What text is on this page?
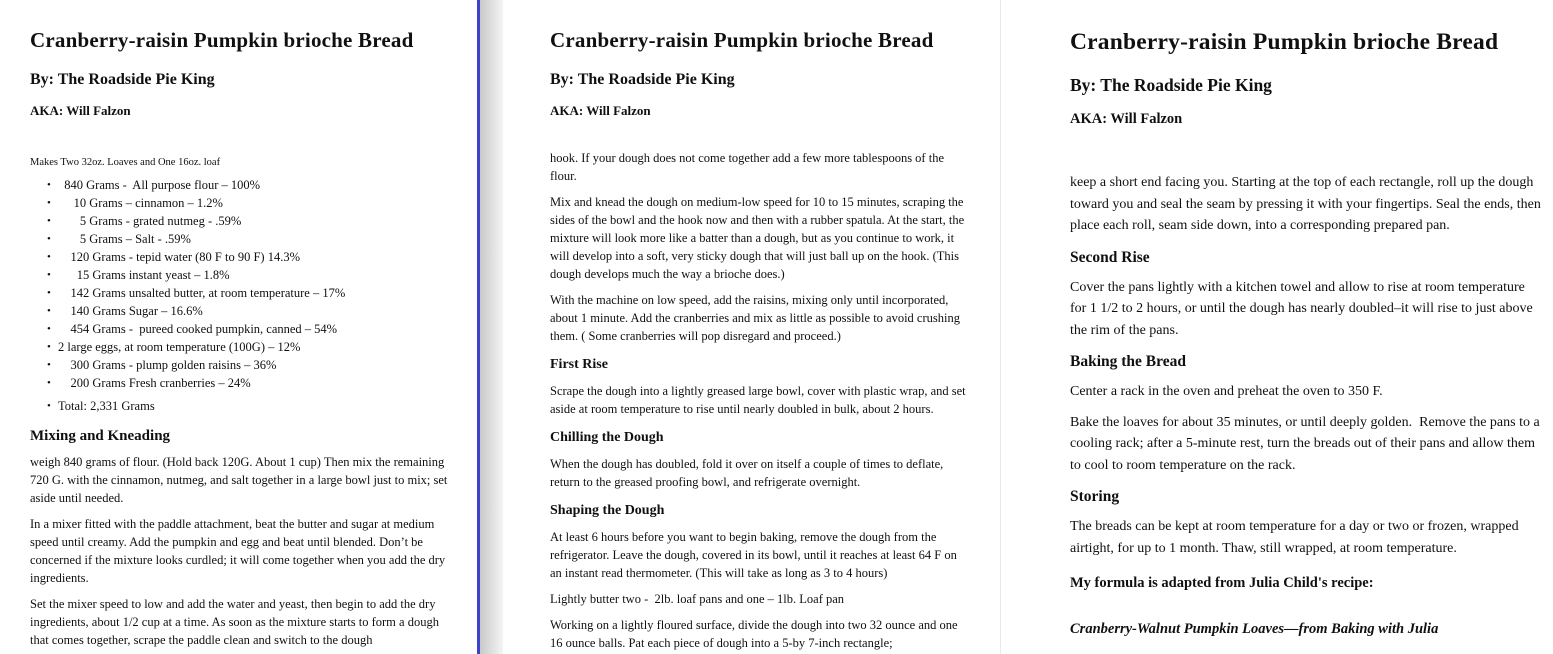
Cranberry-raisin Pumpkin brioche Bread
By: The Roadside Pie King
AKA: Will Falzon

Makes Two 32oz. Loaves and One 16oz. loaf

• 840 Grams -  All purpose flour – 100%
• 10 Grams – cinnamon – 1.2%
• 5 Grams - grated nutmeg - .59%
• 5 Grams – Salt - .59%
• 120 Grams - tepid water (80 F to 90 F) 14.3%
• 15 Grams instant yeast – 1.8%
• 142 Grams unsalted butter, at room temperature – 17%
• 140 Grams Sugar – 16.6%
• 454 Grams -  pureed cooked pumpkin, canned – 54%
• 2 large eggs, at room temperature (100G) – 12%
• 300 Grams - plump golden raisins – 36%
• 200 Grams Fresh cranberries – 24%
• Total: 2,331 Grams
Mixing and Kneading

weigh 840 grams of flour. (Hold back 120G. About 1 cup) Then mix the remaining 720 G. with the cinnamon, nutmeg, and salt together in a large bowl just to mix; set aside until needed.

In a mixer fitted with the paddle attachment, beat the butter and sugar at medium speed until creamy. Add the pumpkin and egg and beat until blended. Don’t be concerned if the mixture looks curdled; it will come together when you add the dry ingredients.

Set the mixer speed to low and add the water and yeast, then begin to add the dry ingredients, about 1/2 cup at a time. As soon as the mixture starts to form a dough that comes together, scrape the paddle clean and switch to the dough

Cranberry-raisin Pumpkin brioche Bread
By: The Roadside Pie King
AKA: Will Falzon

hook. If your dough does not come together add a few more tablespoons of the flour.

Mix and knead the dough on medium-low speed for 10 to 15 minutes, scraping the sides of the bowl and the hook now and then with a rubber spatula. At the start, the mixture will look more like a batter than a dough, but as you continue to work, it will develop into a soft, very sticky dough that will just ball up on the hook. (This dough develops much the way a brioche does.)

With the machine on low speed, add the raisins, mixing only until incorporated, about 1 minute. Add the cranberries and mix as little as possible to avoid crushing them. ( Some cranberries will pop disregard and proceed.)

First Rise

Scrape the dough into a lightly greased large bowl, cover with plastic wrap, and set aside at room temperature to rise until nearly doubled in bulk, about 2 hours.

Chilling the Dough

When the dough has doubled, fold it over on itself a couple of times to deflate, return to the greased proofing bowl, and refrigerate overnight.

Shaping the Dough

At least 6 hours before you want to begin baking, remove the dough from the refrigerator. Leave the dough, covered in its bowl, until it reaches at least 64 F on an instant read thermometer. (This will take as long as 3 to 4 hours)

Lightly butter two -  2lb. loaf pans and one – 1lb. Loaf pan

Working on a lightly floured surface, divide the dough into two 32 ounce and one 16 ounce balls. Pat each piece of dough into a 5-by 7-inch rectangle;

Cranberry-raisin Pumpkin brioche Bread
By: The Roadside Pie King
AKA: Will Falzon

keep a short end facing you. Starting at the top of each rectangle, roll up the dough toward you and seal the seam by pressing it with your fingertips. Seal the ends, then place each roll, seam side down, into a corresponding prepared pan.

Second Rise

Cover the pans lightly with a kitchen towel and allow to rise at room temperature for 1 1/2 to 2 hours, or until the dough has nearly doubled–it will rise to just above the rim of the pans.

Baking the Bread

Center a rack in the oven and preheat the oven to 350 F.

Bake the loaves for about 35 minutes, or until deeply golden.  Remove the pans to a cooling rack; after a 5-minute rest, turn the breads out of their pans and allow them to cool to room temperature on the rack.

Storing

The breads can be kept at room temperature for a day or two or frozen, wrapped airtight, for up to 1 month. Thaw, still wrapped, at room temperature.

My formula is adapted from Julia Child's recipe:

Cranberry-Walnut Pumpkin Loaves—from Baking with Julia
